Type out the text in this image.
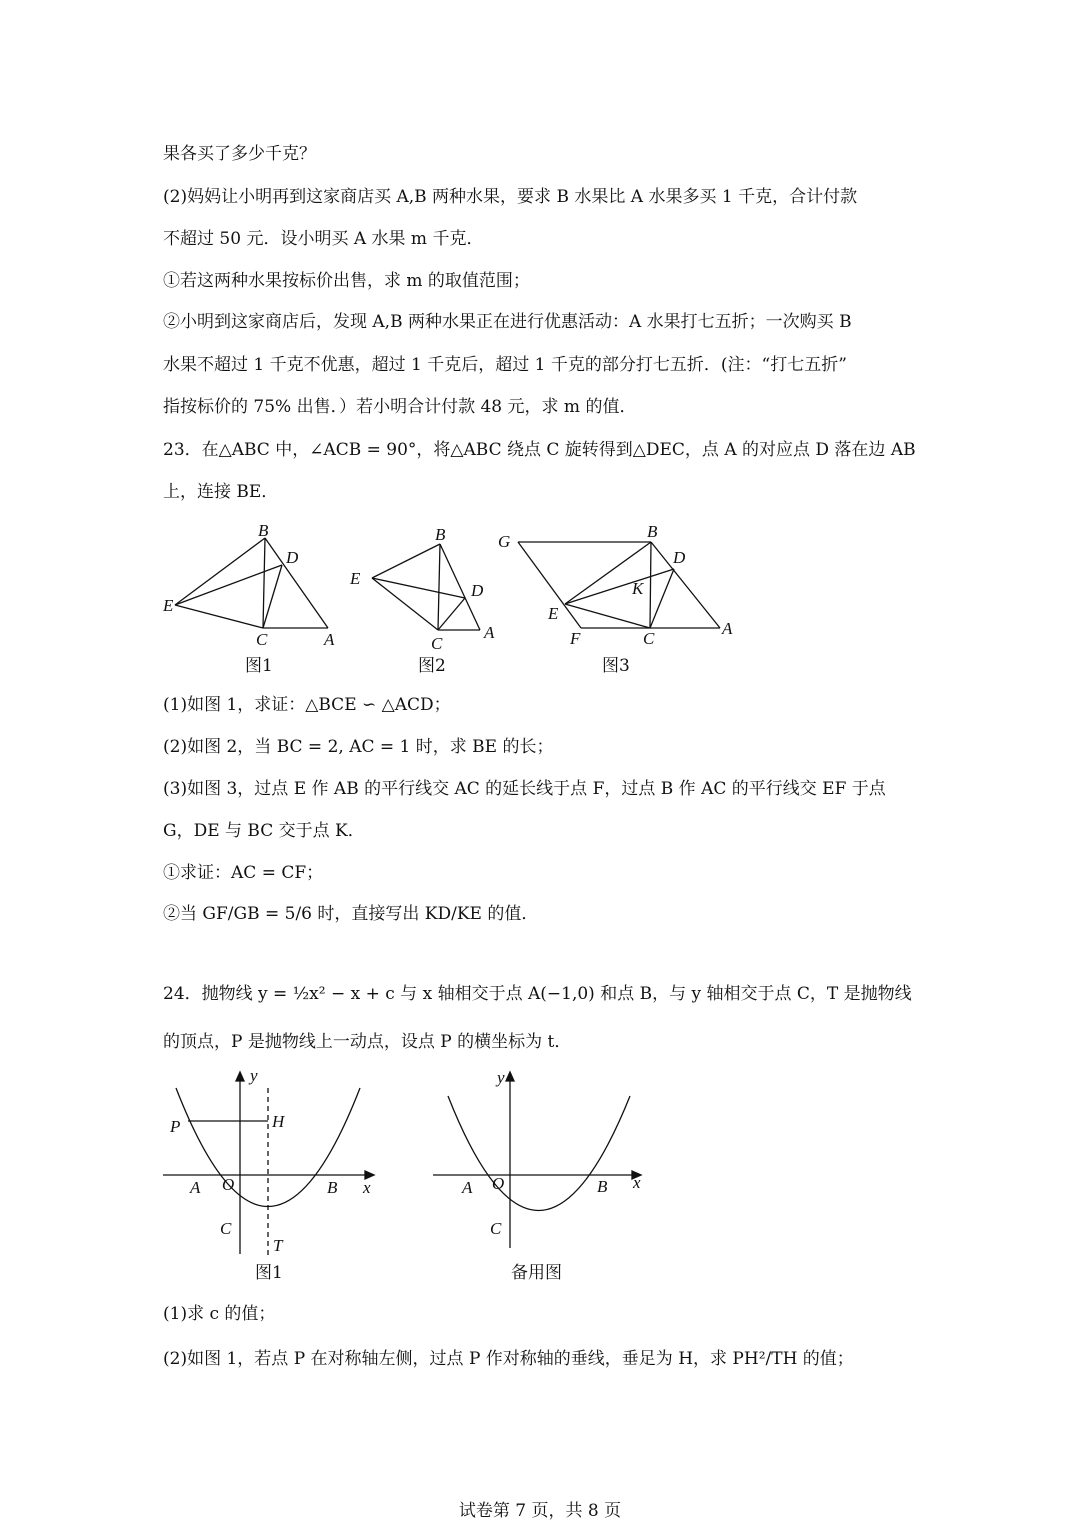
果各买了多少千克？
(2)妈妈让小明再到这家商店买 A,B 两种水果，要求 B 水果比 A 水果多买 1 千克，合计付款
不超过 50 元．设小明买 A 水果 m 千克．
①若这两种水果按标价出售，求 m 的取值范围；
②小明到这家商店后，发现 A,B 两种水果正在进行优惠活动：A 水果打七五折；一次购买 B
水果不超过 1 千克不优惠，超过 1 千克后，超过 1 千克的部分打七五折．(注：“打七五折”
指按标价的 75% 出售．）若小明合计付款 48 元，求 m 的值．
23．在△ABC 中，∠ACB = 90°，将△ABC 绕点 C 旋转得到△DEC，点 A 的对应点 D 落在边 AB
上，连接 BE．
B
D
E
C	A
图1
B
D
E
C
A
图2
G
B
D
K
E
F	C
A
图3
(1)如图 1，求证：△BCE ∽ △ACD；
(2)如图 2，当 BC = 2, AC = 1 时，求 BE 的长；
(3)如图 3，过点 E 作 AB 的平行线交 AC 的延长线于点 F，过点 B 作 AC 的平行线交 EF 于点
G，DE 与 BC 交于点 K．
①求证：AC = CF；
②当 GF/GB = 5/6 时，直接写出 KD/KE 的值．
24．抛物线 y = ½x² − x + c 与 x 轴相交于点 A(−1,0) 和点 B，与 y 轴相交于点 C，T 是抛物线
的顶点，P 是抛物线上一动点，设点 P 的横坐标为 t．
y
x
P	H
A O	B
C
T
图1
y
x
A O	B
C
备用图
(1)求 c 的值；
(2)如图 1，若点 P 在对称轴左侧，过点 P 作对称轴的垂线，垂足为 H，求 PH²/TH 的值；
试卷第 7 页，共 8 页
